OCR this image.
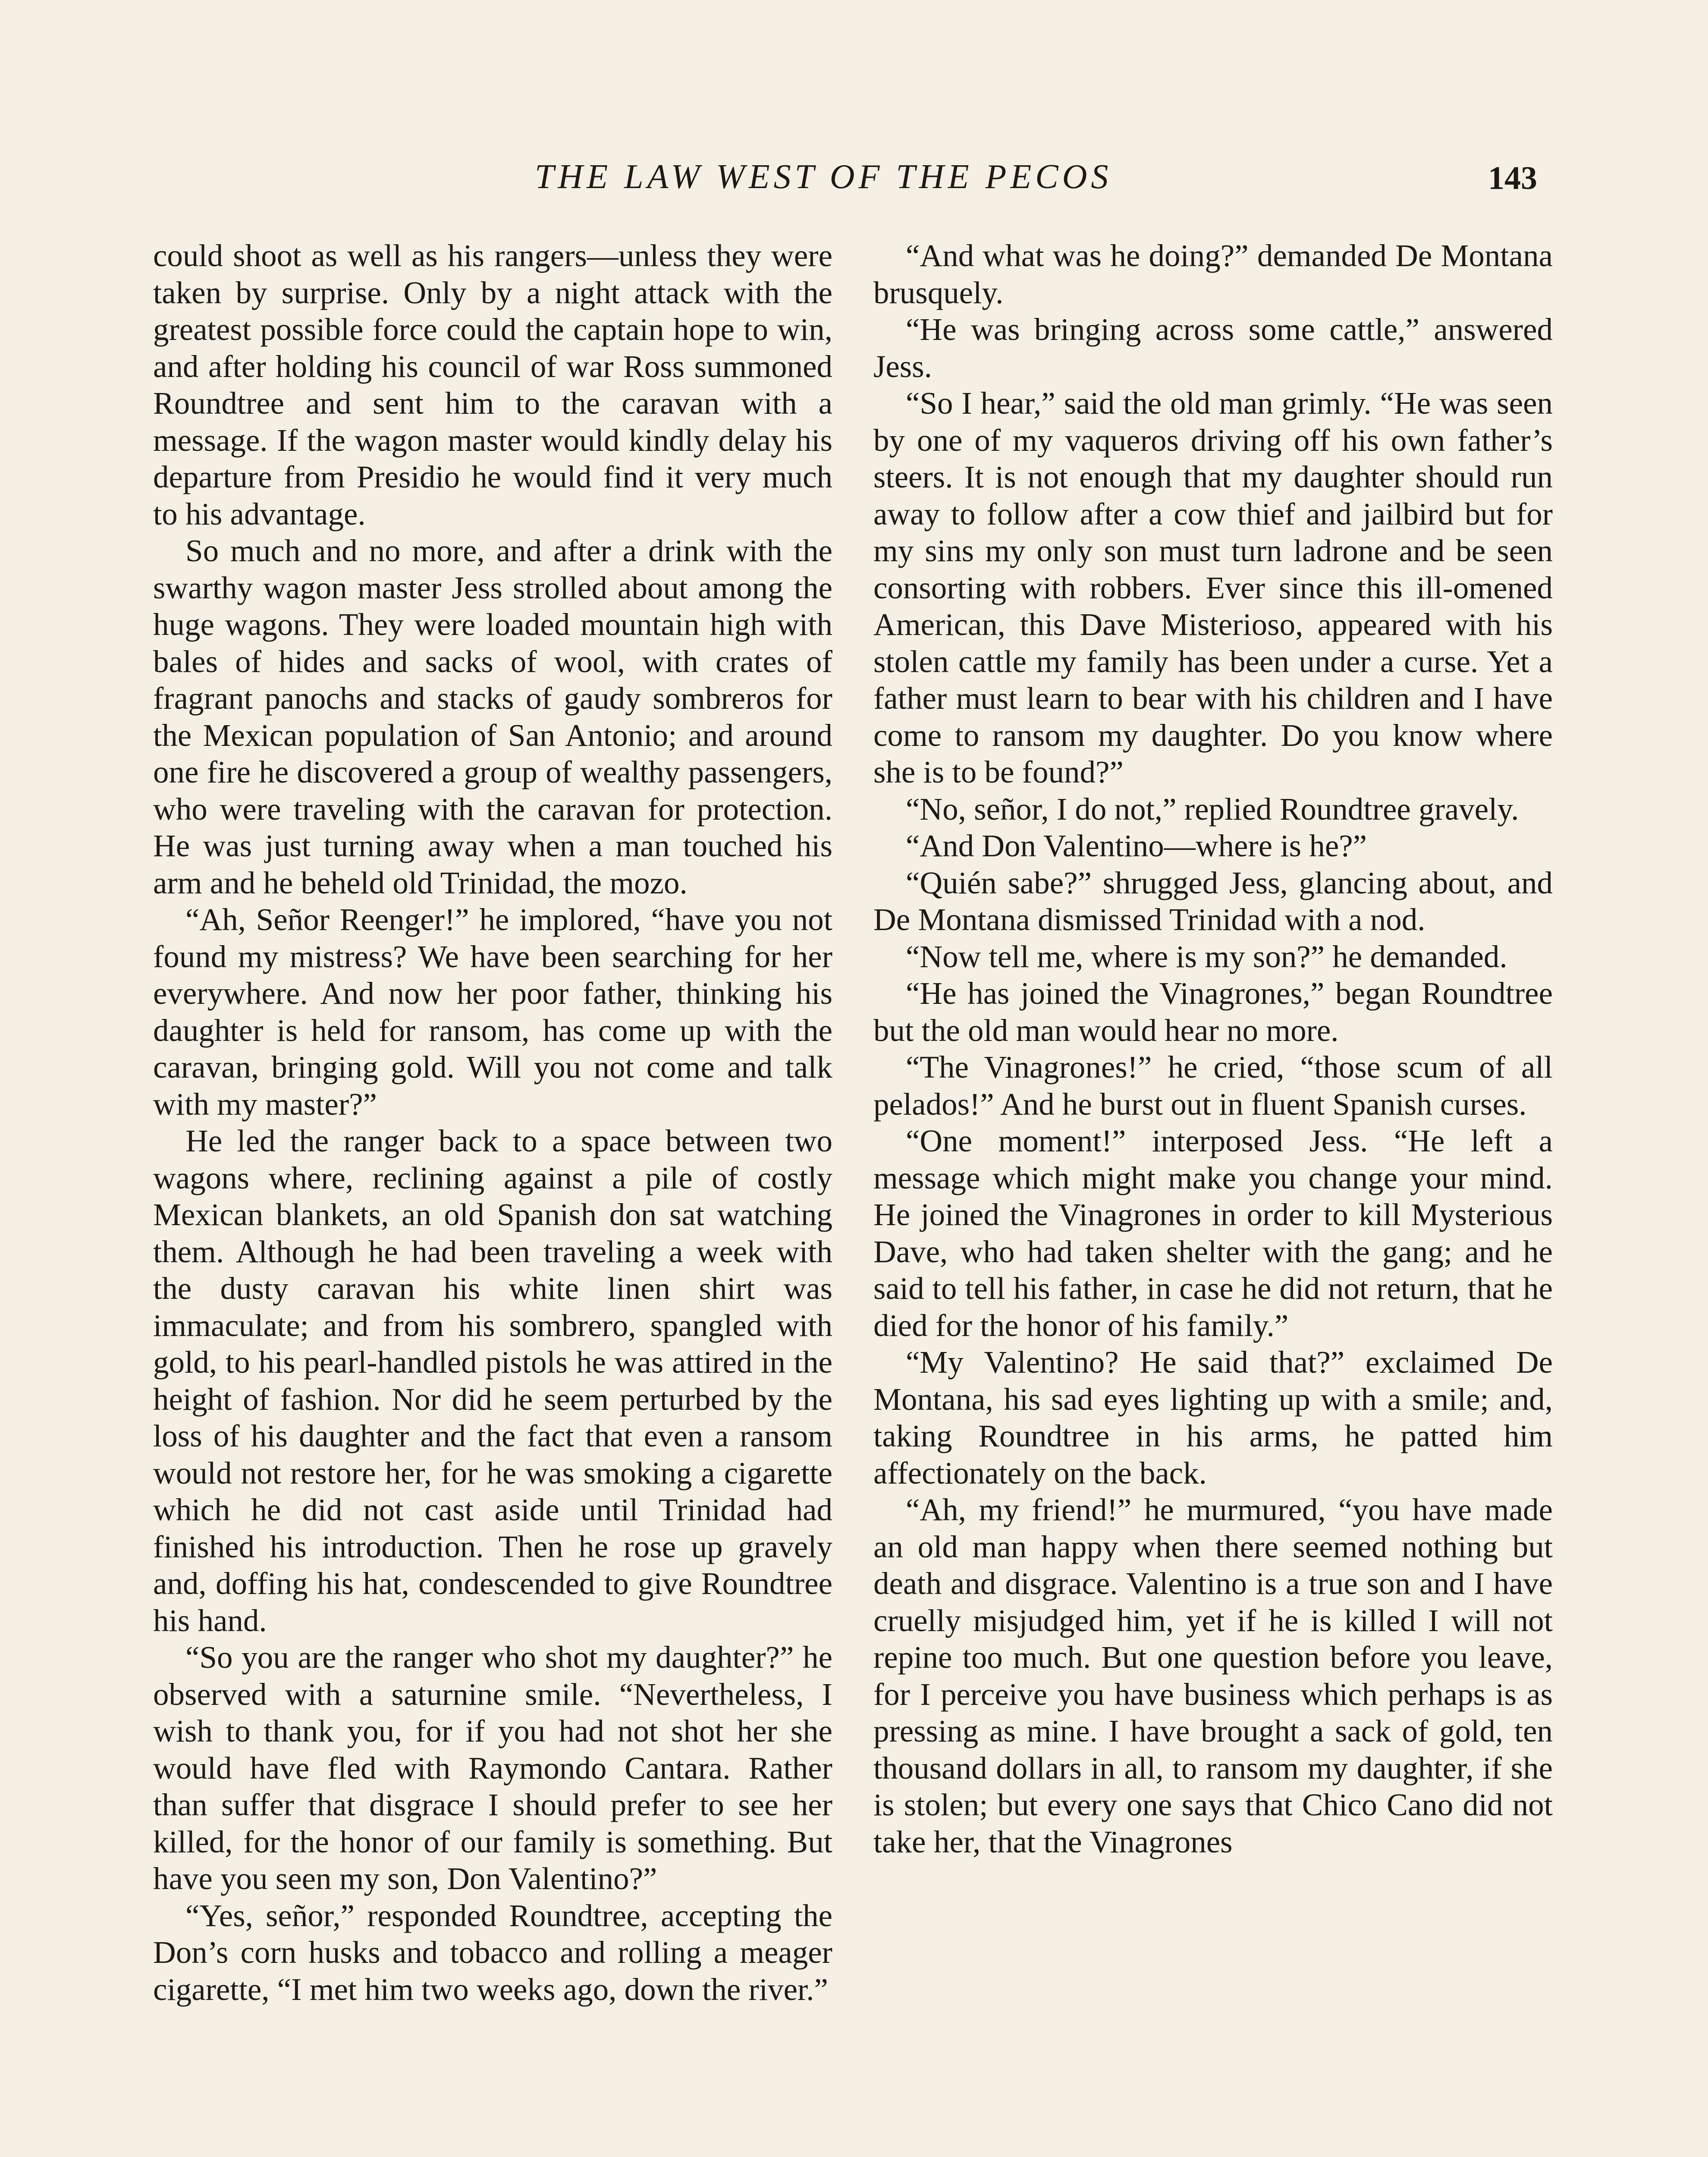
THE LAW WEST OF THE PECOS	143

could shoot as well as his rangers—unless they were taken by surprise. Only by a night attack with the greatest possible force could the captain hope to win, and after holding his council of war Ross summoned Roundtree and sent him to the caravan with a message. If the wagon master would kindly delay his departure from Presidio he would find it very much to his advantage.

So much and no more, and after a drink with the swarthy wagon master Jess strolled about among the huge wagons. They were loaded mountain high with bales of hides and sacks of wool, with crates of fragrant panochs and stacks of gaudy sombreros for the Mexican population of San Antonio; and around one fire he discovered a group of wealthy passengers, who were traveling with the caravan for protection. He was just turning away when a man touched his arm and he beheld old Trinidad, the mozo.

“Ah, Señor Reenger!” he implored, “have you not found my mistress? We have been searching for her everywhere. And now her poor father, thinking his daughter is held for ransom, has come up with the caravan, bringing gold. Will you not come and talk with my master?”

He led the ranger back to a space between two wagons where, reclining against a pile of costly Mexican blankets, an old Spanish don sat watching them. Although he had been traveling a week with the dusty caravan his white linen shirt was immaculate; and from his sombrero, spangled with gold, to his pearl-handled pistols he was attired in the height of fashion. Nor did he seem perturbed by the loss of his daughter and the fact that even a ransom would not restore her, for he was smoking a cigarette which he did not cast aside until Trinidad had finished his introduction. Then he rose up gravely and, doffing his hat, condescended to give Roundtree his hand.

“So you are the ranger who shot my daughter?” he observed with a saturnine smile. “Nevertheless, I wish to thank you, for if you had not shot her she would have fled with Raymondo Cantara. Rather than suffer that disgrace I should prefer to see her killed, for the honor of our family is something. But have you seen my son, Don Valentino?”

“Yes, señor,” responded Roundtree, accepting the Don’s corn husks and tobacco and rolling a meager cigarette, “I met him two weeks ago, down the river.”

“And what was he doing?” demanded De Montana brusquely.

“He was bringing across some cattle,” answered Jess.

“So I hear,” said the old man grimly. “He was seen by one of my vaqueros driving off his own father’s steers. It is not enough that my daughter should run away to follow after a cow thief and jailbird but for my sins my only son must turn ladrone and be seen consorting with robbers. Ever since this ill-omened American, this Dave Misterioso, appeared with his stolen cattle my family has been under a curse. Yet a father must learn to bear with his children and I have come to ransom my daughter. Do you know where she is to be found?”

“No, señor, I do not,” replied Roundtree gravely.

“And Don Valentino—where is he?”

“Quién sabe?” shrugged Jess, glancing about, and De Montana dismissed Trinidad with a nod.

“Now tell me, where is my son?” he demanded.

“He has joined the Vinagrones,” began Roundtree but the old man would hear no more.

“The Vinagrones!” he cried, “those scum of all pelados!” And he burst out in fluent Spanish curses.

“One moment!” interposed Jess. “He left a message which might make you change your mind. He joined the Vinagrones in order to kill Mysterious Dave, who had taken shelter with the gang; and he said to tell his father, in case he did not return, that he died for the honor of his family.”

“My Valentino? He said that?” exclaimed De Montana, his sad eyes lighting up with a smile; and, taking Roundtree in his arms, he patted him affectionately on the back.

“Ah, my friend!” he murmured, “you have made an old man happy when there seemed nothing but death and disgrace. Valentino is a true son and I have cruelly misjudged him, yet if he is killed I will not repine too much. But one question before you leave, for I perceive you have business which perhaps is as pressing as mine. I have brought a sack of gold, ten thousand dollars in all, to ransom my daughter, if she is stolen; but every one says that Chico Cano did not take her, that the Vinagrones
